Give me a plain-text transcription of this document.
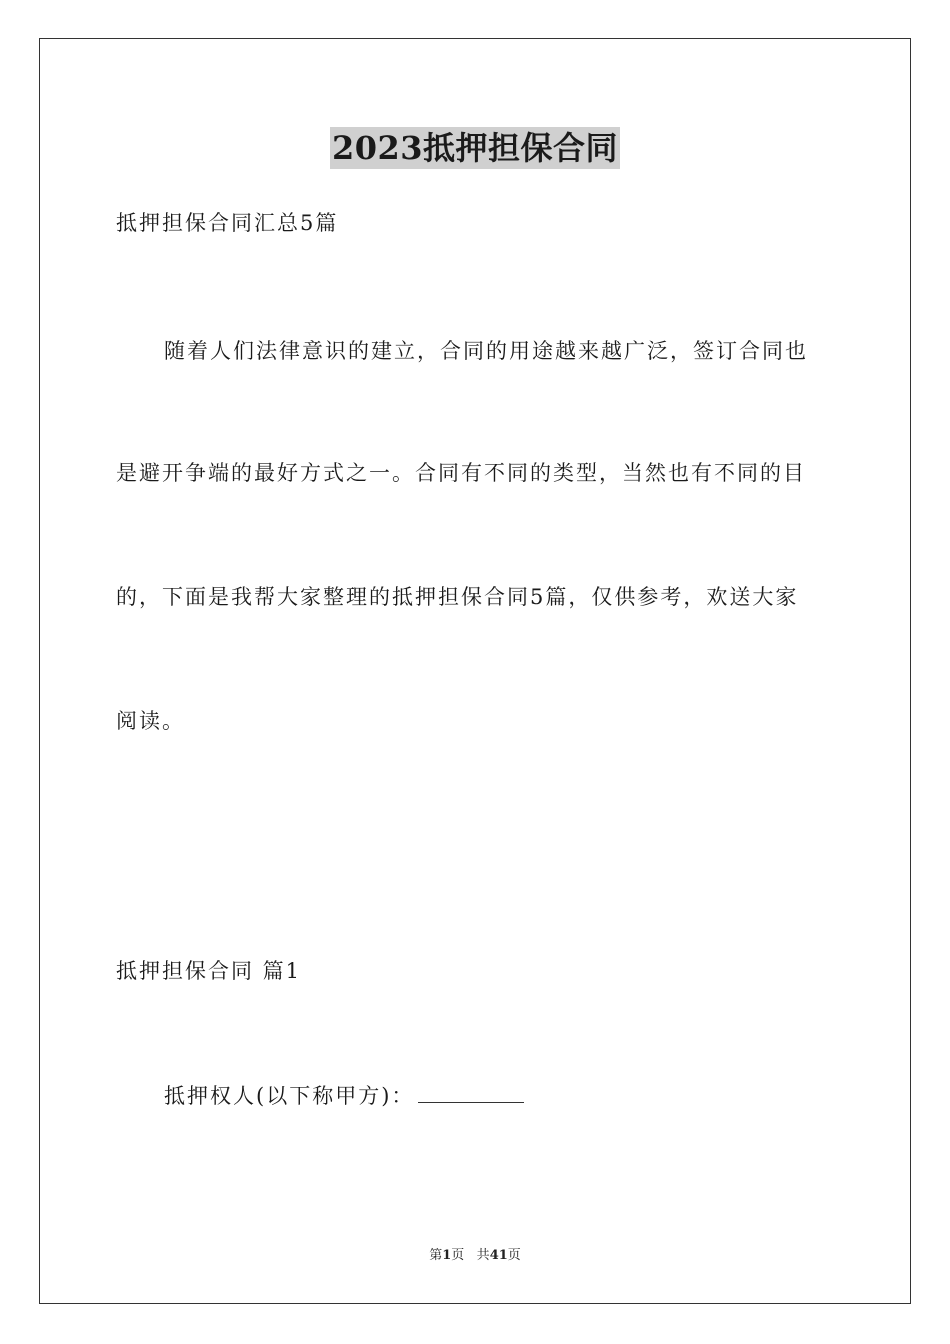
2023抵押担保合同
抵押担保合同汇总5篇
随着人们法律意识的建立，合同的用途越来越广泛，签订合同也
是避开争端的最好方式之一。合同有不同的类型，当然也有不同的目
的，下面是我帮大家整理的抵押担保合同5篇，仅供参考，欢送大家
阅读。
抵押担保合同 篇1
抵押权人(以下称甲方)：
第1页 共41页
